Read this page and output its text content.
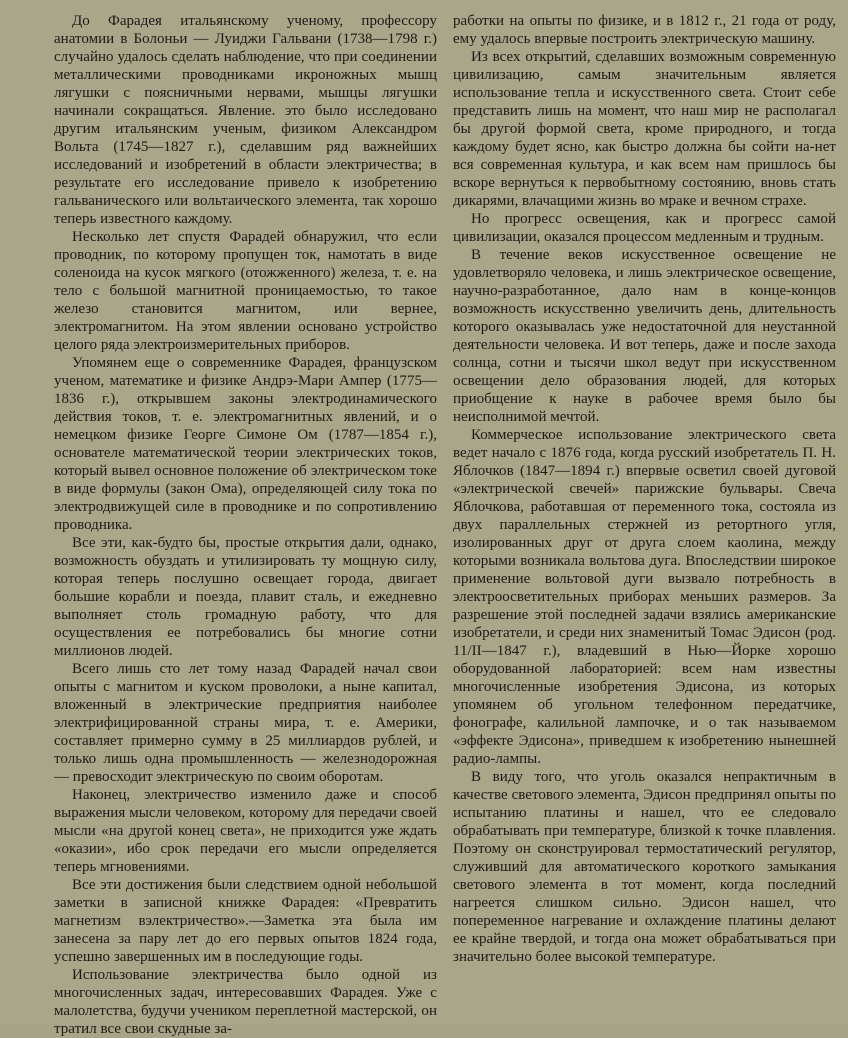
До Фарадея итальянскому ученому, профессору анатомии в Болоньи — Луиджи Гальвани (1738—1798 г.) случайно удалось сделать наблюдение, что при соединении металлическими проводниками икроножных мышц лягушки с поясничными нервами, мышцы лягушки начинали сокращаться. Явление. это было исследовано другим итальянским ученым, физиком Александром Вольта (1745—1827 г.), сделавшим ряд важнейших исследований и изобретений в области электричества; в результате его исследование привело к изобретению гальванического или вольтаического элемента, так хорошо теперь известного каждому.

Несколько лет спустя Фарадей обнаружил, что если проводник, по которому пропущен ток, намотать в виде соленоида на кусок мягкого (отожженного) железа, т. е. на тело с большой магнитной проницаемостью, то такое железо становится магнитом, или вернее, электромагнитом. На этом явлении основано устройство целого ряда электроизмерительных приборов.

Упомянем еще о современнике Фарадея, французском ученом, математике и физике Андрэ-Мари Ампер (1775—1836 г.), открывшем законы электродинамического действия токов, т. е. электромагнитных явлений, и о немецком физике Георге Симоне Ом (1787—1854 г.), основателе математической теории электрических токов, который вывел основное положение об электрическом токе в виде формулы (закон Ома), определяющей силу тока по электродвижущей силе в проводнике и по сопротивлению проводника.

Все эти, как-будто бы, простые открытия дали, однако, возможность обуздать и утилизировать ту мощную силу, которая теперь послушно освещает города, двигает большие корабли и поезда, плавит сталь, и ежедневно выполняет столь громадную работу, что для осуществления ее потребовались бы многие сотни миллионов людей.

Всего лишь сто лет тому назад Фарадей начал свои опыты с магнитом и куском проволоки, а ныне капитал, вложенный в электрические предприятия наиболее электрифицированной страны мира, т. е. Америки, составляет примерно сумму в 25 миллиардов рублей, и только лишь одна промышленность — железнодорожная — превосходит электрическую по своим оборотам.

Наконец, электричество изменило даже и способ выражения мысли человеком, которому для передачи своей мысли «на другой конец света», не приходится уже ждать «оказии», ибо срок передачи его мысли определяется теперь мгновениями.

Все эти достижения были следствием одной небольшой заметки в записной книжке Фарадея: «Превратить магнетизм вэлектричество».—Заметка эта была им занесена за пару лет до его первых опытов 1824 года, успешно завершенных им в последующие годы.

Использование электричества было одной из многочисленных задач, интересовавших Фарадея. Уже с малолетства, будучи учеником переплетной мастерской, он тратил все свои скудные за-

работки на опыты по физике, и в 1812 г., 21 года от роду, ему удалось впервые построить электрическую машину.

Из всех открытий, сделавших возможным современную цивилизацию, самым значительным является использование тепла и искусственного света. Стоит себе представить лишь на момент, что наш мир не располагал бы другой формой света, кроме природного, и тогда каждому будет ясно, как быстро должна бы сойти на-нет вся современная культура, и как всем нам пришлось бы вскоре вернуться к первобытному состоянию, вновь стать дикарями, влачащими жизнь во мраке и вечном страхе.

Но прогресс освещения, как и прогресс самой цивилизации, оказался процессом медленным и трудным.

В течение веков искусственное освещение не удовлетворяло человека, и лишь электрическое освещение, научно-разработанное, дало нам в конце-концов возможность искусственно увеличить день, длительность которого оказывалась уже недостаточной для неустанной деятельности человека. И вот теперь, даже и после захода солнца, сотни и тысячи школ ведут при искусственном освещении дело образования людей, для которых приобщение к науке в рабочее время было бы неисполнимой мечтой.

Коммерческое использование электрического света ведет начало с 1876 года, когда русский изобретатель П. Н. Яблочков (1847—1894 г.) впервые осветил своей дуговой «электрической свечей» парижские бульвары. Свеча Яблочкова, работавшая от переменного тока, состояла из двух параллельных стержней из ретортного угля, изолированных друг от друга слоем каолина, между которыми возникала вольтова дуга. Впоследствии широкое применение вольтовой дуги вызвало потребность в электроосветительных приборах меньших размеров. За разрешение этой последней задачи взялись американские изобретатели, и среди них знаменитый Томас Эдисон (род. 11/II—1847 г.), владевший в Нью—Йорке хорошо оборудованной лабораторией: всем нам известны многочисленные изобретения Эдисона, из которых упомянем об угольном телефонном передатчике, фонографе, калильной лампочке, и о так называемом «эффекте Эдисона», приведшем к изобретению нынешней радио-лампы.

В виду того, что уголь оказался непрактичным в качестве светового элемента, Эдисон предпринял опыты по испытанию платины и нашел, что ее следовало обрабатывать при температуре, близкой к точке плавления. Поэтому он сконструировал термостатический регулятор, служивший для автоматического короткого замыкания светового элемента в тот момент, когда последний нагреется слишком сильно. Эдисон нашел, что попеременное нагревание и охлаждение платины делают ее крайне твердой, и тогда она может обрабатываться при значительно более высокой температуре.
